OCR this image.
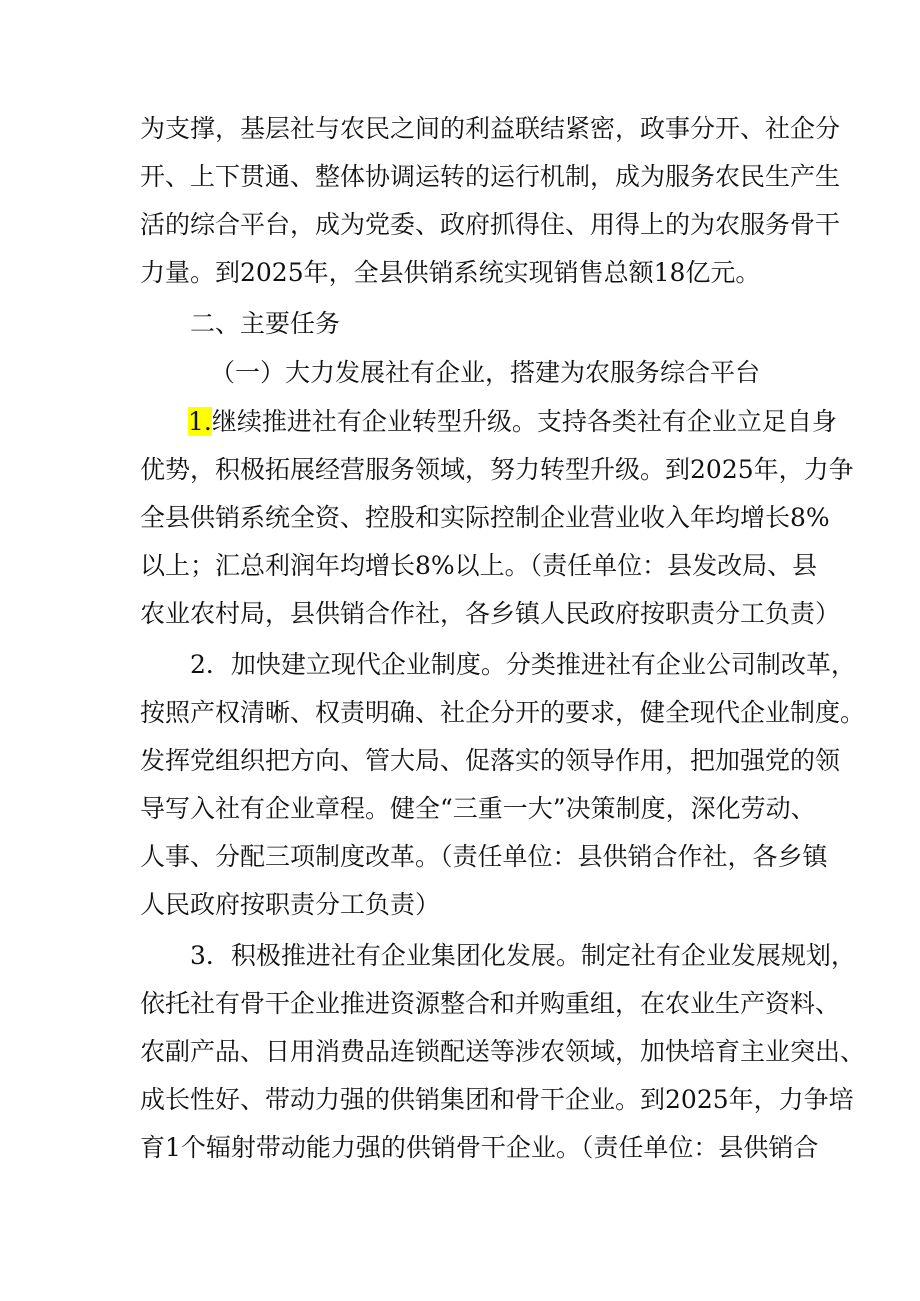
为支撑，基层社与农民之间的利益联结紧密，政事分开、社企分
开、上下贯通、整体协调运转的运行机制，成为服务农民生产生
活的综合平台，成为党委、政府抓得住、用得上的为农服务骨干
力量。到2025年，全县供销系统实现销售总额18亿元。
二、主要任务
（一）大力发展社有企业，搭建为农服务综合平台
1.继续推进社有企业转型升级。支持各类社有企业立足自身
优势，积极拓展经营服务领域，努力转型升级。到2025年，力争
全县供销系统全资、控股和实际控制企业营业收入年均增长8%
以上；汇总利润年均增长8%以上。（责任单位：县发改局、县
农业农村局，县供销合作社，各乡镇人民政府按职责分工负责）
2．加快建立现代企业制度。分类推进社有企业公司制改革，
按照产权清晰、权责明确、社企分开的要求，健全现代企业制度。
发挥党组织把方向、管大局、促落实的领导作用，把加强党的领
导写入社有企业章程。健全“三重一大”决策制度，深化劳动、
人事、分配三项制度改革。（责任单位：县供销合作社，各乡镇
人民政府按职责分工负责）
3．积极推进社有企业集团化发展。制定社有企业发展规划，
依托社有骨干企业推进资源整合和并购重组，在农业生产资料、
农副产品、日用消费品连锁配送等涉农领域，加快培育主业突出、
成长性好、带动力强的供销集团和骨干企业。到2025年，力争培
育1个辐射带动能力强的供销骨干企业。（责任单位：县供销合
